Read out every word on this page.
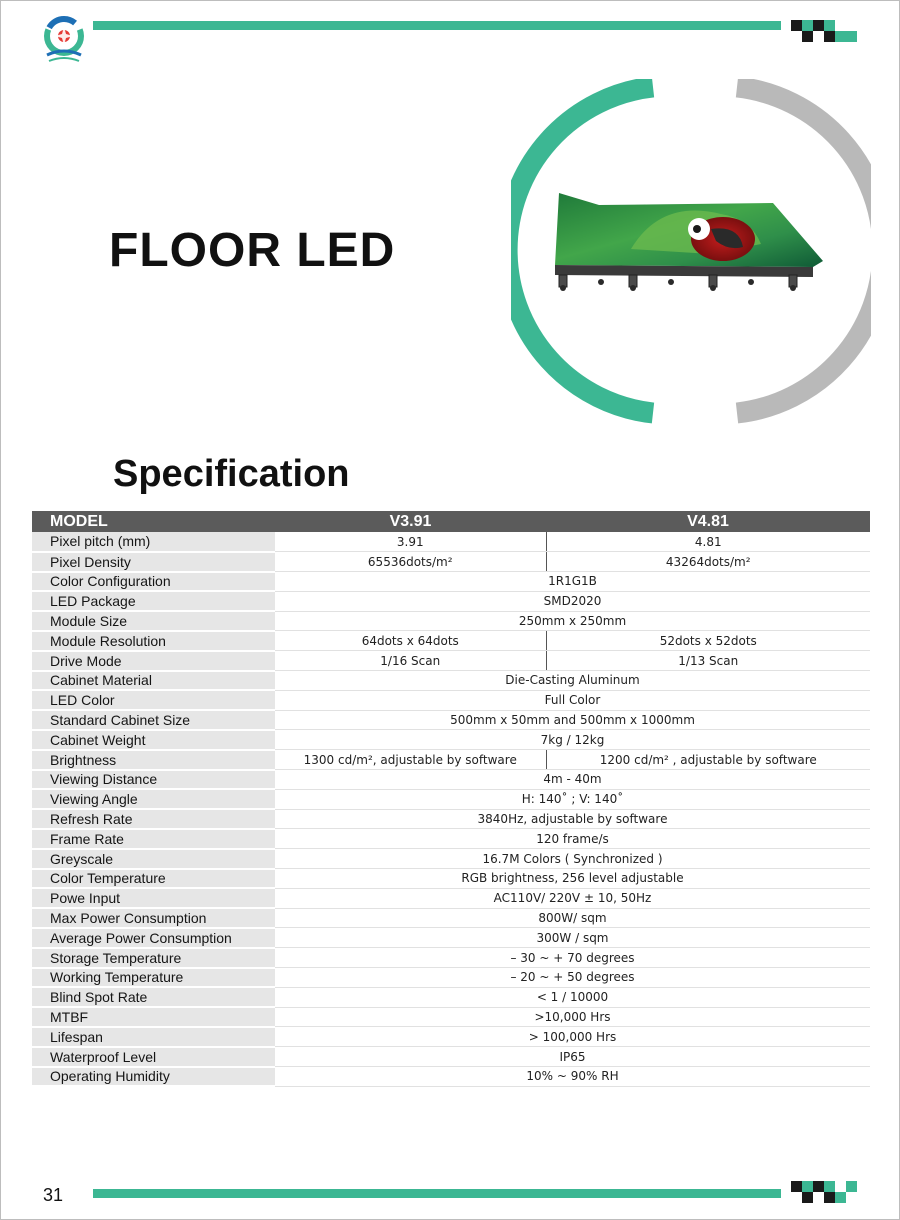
FLOOR LED
Specification
MODEL	V3.91	V4.81
Pixel pitch (mm)	3.91	4.81
Pixel Density	65536dots/m²	43264dots/m²
Color Configuration	1R1G1B	
LED Package	SMD2020	
Module Size	250mm x 250mm	
Module Resolution	64dots x 64dots	52dots x 52dots
Drive Mode	1/16 Scan	1/13 Scan
Cabinet Material	Die-Casting Aluminum	
LED Color	Full Color	
Standard Cabinet Size	500mm x 50mm and 500mm x 1000mm	
Cabinet Weight	7kg / 12kg	
Brightness	1300 cd/m², adjustable by software	1200 cd/m² , adjustable by software
Viewing Distance	4m - 40m	
Viewing Angle	H: 140˚ ; V: 140˚	
Refresh Rate	3840Hz, adjustable by software	
Frame Rate	120 frame/s	
Greyscale	16.7M Colors ( Synchronized )	
Color Temperature	RGB brightness, 256 level adjustable	
Powe Input	AC110V/ 220V ± 10, 50Hz	
Max Power Consumption	800W/ sqm	
Average Power Consumption	300W / sqm	
Storage Temperature	– 30 ~ + 70 degrees	
Working Temperature	– 20 ~ + 50 degrees	
Blind Spot Rate	< 1 / 10000	
MTBF	>10,000 Hrs	
Lifespan	> 100,000 Hrs	
Waterproof Level	IP65	
Operating Humidity	10% ~ 90% RH	
31
